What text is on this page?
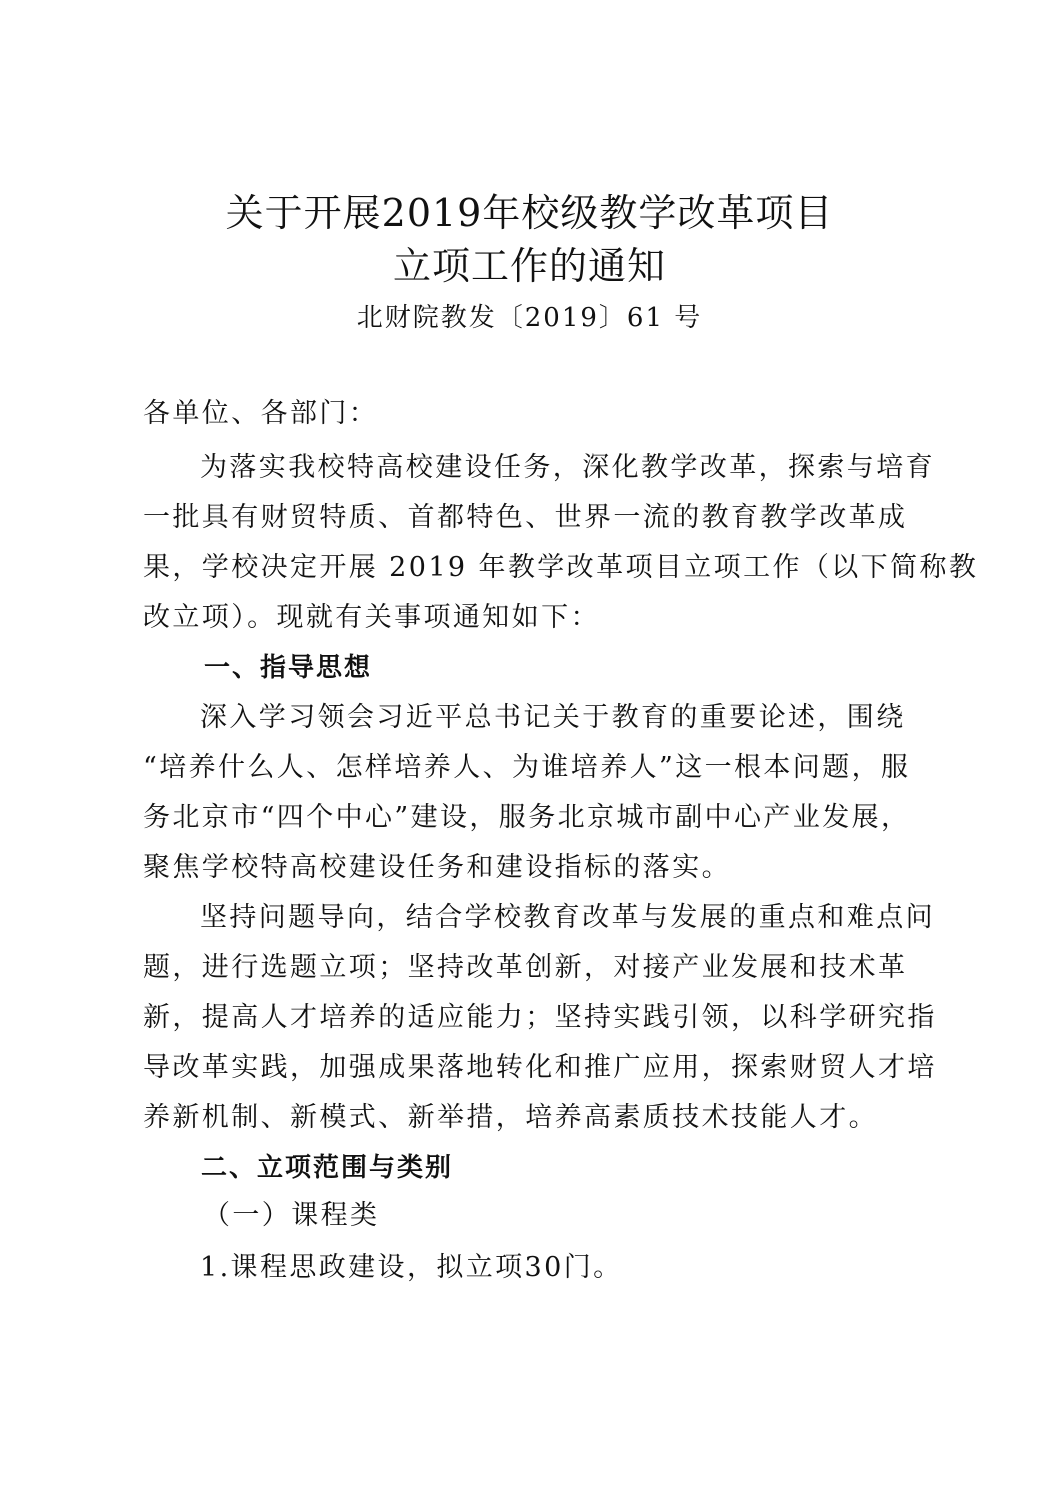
关于开展2019年校级教学改革项目
立项工作的通知
北财院教发〔2019〕61 号
各单位、各部门：
为落实我校特高校建设任务，深化教学改革，探索与培育
一批具有财贸特质、首都特色、世界一流的教育教学改革成
果，学校决定开展 2019 年教学改革项目立项工作（以下简称教
改立项）。现就有关事项通知如下：
一、指导思想
深入学习领会习近平总书记关于教育的重要论述，围绕
“培养什么人、怎样培养人、为谁培养人”这一根本问题，服
务北京市“四个中心”建设，服务北京城市副中心产业发展，
聚焦学校特高校建设任务和建设指标的落实。
坚持问题导向，结合学校教育改革与发展的重点和难点问
题，进行选题立项；坚持改革创新，对接产业发展和技术革
新，提高人才培养的适应能力；坚持实践引领，以科学研究指
导改革实践，加强成果落地转化和推广应用，探索财贸人才培
养新机制、新模式、新举措，培养高素质技术技能人才。
二、立项范围与类别
（一）课程类
1.课程思政建设，拟立项30门。
